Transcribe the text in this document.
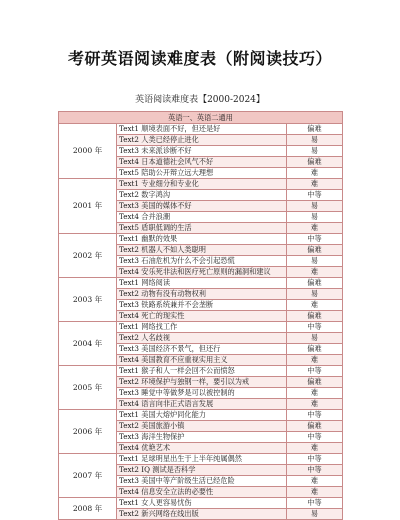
考研英语阅读难度表（附阅读技巧）
英语阅读难度表【2000-2024】
英语一、英语二通用		
2000 年	Text1 顺境表面不好，但还是好	偏难
	Text2 人类已经停止进化	易
	Text3 未来派诊断不好	易
	Text4 日本道德社会风气不好	偏难
	Text5 陪助公开辩立远大理想	难
2001 年	Text1 专业细分和专业化	难
	Text2 数字鸿沟	中等
	Text3 美国的媒体不好	易
	Text4 合并浪潮	易
	Text5 盾职低调的生活	难
2002 年	Text1 幽默的效果	中等
	Text2 机器人不如人类聪明	偏难
	Text3 石油危机为什么不会引起恐慌	易
	Text4 安乐死非法和医疗死亡原则的漏洞和建议	难
2003 年	Text1 网络阅读	偏难
	Text2 动物有没有动物权利	易
	Text3 铁路系统兼并不会垄断	难
	Text4 死亡的现实性	偏难
2004 年	Text1 网络找工作	中等
	Text2 人名歧视	易
	Text3 美国经济不景气，但还行	偏难
	Text4 美国教育不应重视实用主义	难
2005 年	Text1 猴子和人一样会回不公而愤怒	中等
	Text2 环境保护与独钢一样，要引以为戒	偏难
	Text3 睡觉中等做梦是可以被控制的	难
	Text4 语言向非正式语言发展	难
2006 年	Text1 美国大熔炉同化能力	中等
	Text2 美国旅游小镇	偏难
	Text3 海洋生物保护	中等
	Text4 优艳艺术	难
2007 年	Text1 足球明星出生于上半年纯属偶然	中等
	Text2 IQ 测试是否科学	中等
	Text3 美国中等产阶级生活已经危险	难
	Text4 信息安全立法的必要性	难
2008 年	Text1 女人更容易忧伤	中等
	Text2 新兴网络在线出版	易
